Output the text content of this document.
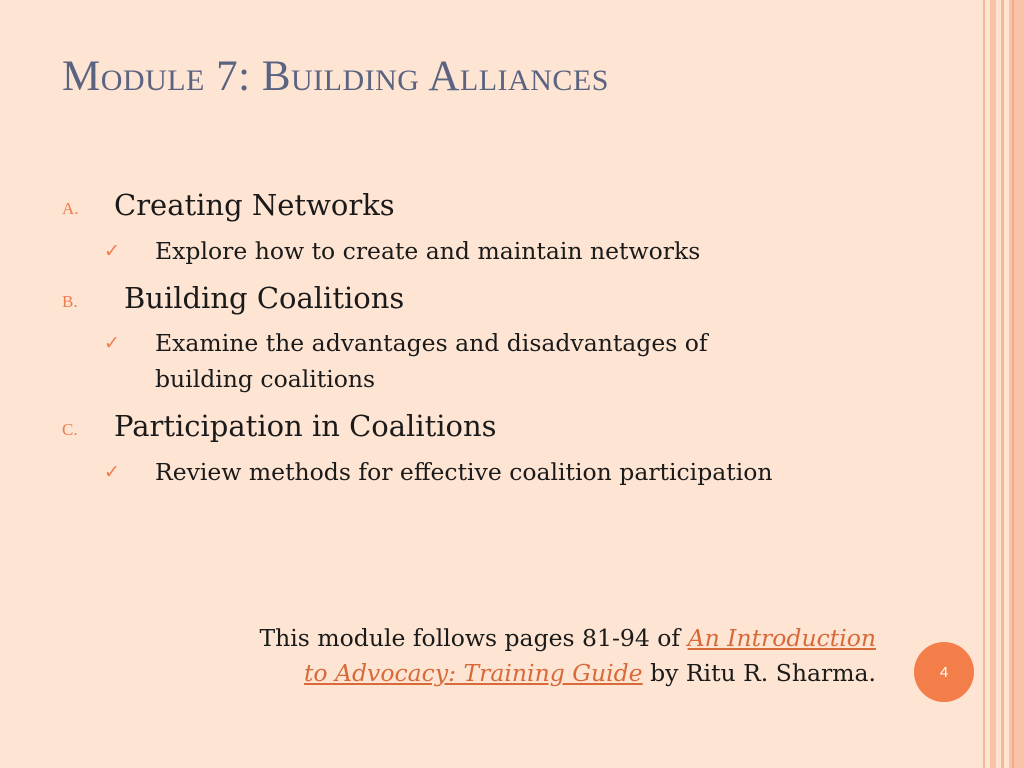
Module 7: Building Alliances
A. Creating Networks
✓ Explore how to create and maintain networks
B. Building Coalitions
✓ Examine the advantages and disadvantages of
building coalitions
C. Participation in Coalitions
✓ Review methods for effective coalition participation
This module follows pages 81-94 of An Introduction
to Advocacy: Training Guide by Ritu R. Sharma.	4
